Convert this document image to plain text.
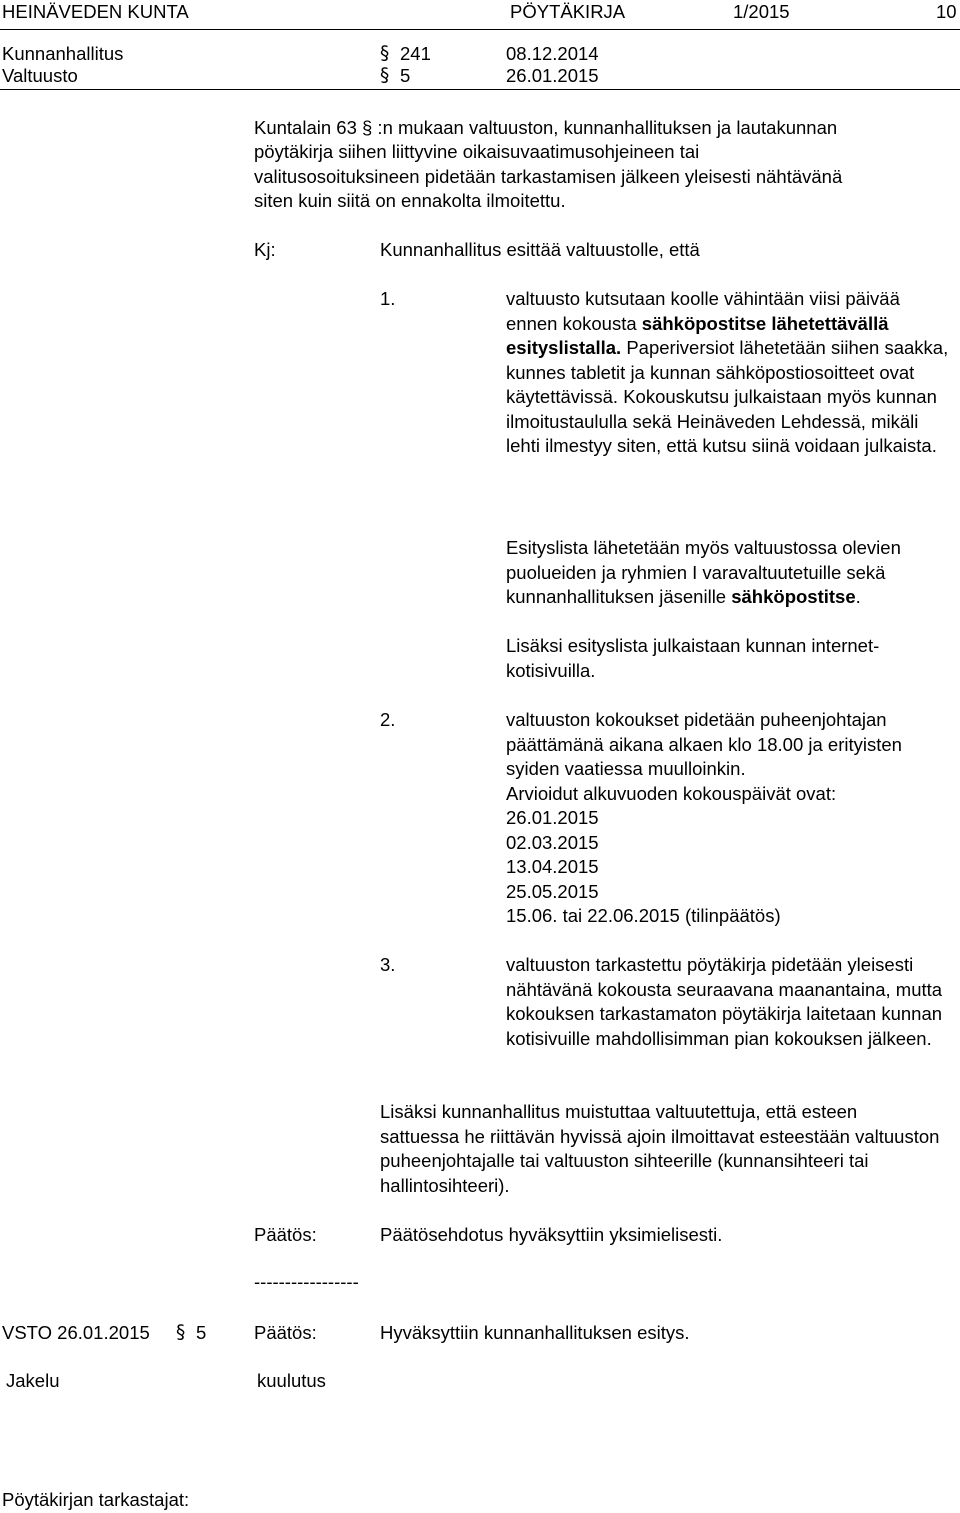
HEINÄVEDEN KUNTA	PÖYTÄKIRJA	1/2015	10
Kunnanhallitus	§ 241	08.12.2014
Valtuusto	§ 5	26.01.2015
Kuntalain 63 § :n mukaan valtuuston, kunnanhallituksen ja lautakunnan
pöytäkirja siihen liittyvine oikaisuvaatimusohjeineen tai
valitusosoituksineen pidetään tarkastamisen jälkeen yleisesti nähtävänä
siten kuin siitä on ennakolta ilmoitettu.
Kj:	Kunnanhallitus esittää valtuustolle, että
1.	valtuusto kutsutaan koolle vähintään viisi päivää ennen kokousta sähköpostitse lähetettävällä esityslistalla. Paperiversiot lähetetään siihen saakka, kunnes tabletit ja kunnan sähköpostiosoitteet ovat käytettävissä. Kokouskutsu julkaistaan myös kunnan ilmoitustaululla sekä Heinäveden Lehdessä, mikäli lehti ilmestyy siten, että kutsu siinä voidaan julkaista.

Esityslista lähetetään myös valtuustossa olevien puolueiden ja ryhmien I varavaltuutetuille sekä kunnanhallituksen jäsenille sähköpostitse.

Lisäksi esityslista julkaistaan kunnan internet-kotisivuilla.

2.	valtuuston kokoukset pidetään puheenjohtajan päättämänä aikana alkaen klo 18.00 ja erityisten syiden vaatiessa muulloinkin.

Arvioidut alkuvuoden kokouspäivät ovat:

26.01.2015
02.03.2015
13.04.2015
25.05.2015
15.06. tai 22.06.2015 (tilinpäätös)
3.	valtuuston tarkastettu pöytäkirja pidetään yleisesti nähtävänä kokousta seuraavana maanantaina, mutta kokouksen tarkastamaton pöytäkirja laitetaan kunnan kotisivuille mahdollisimman pian kokouksen jälkeen.

Lisäksi kunnanhallitus muistuttaa valtuutettuja, että esteen sattuessa he riittävän hyvissä ajoin ilmoittavat esteestään valtuuston puheenjohtajalle tai valtuuston sihteerille (kunnansihteeri tai hallintosihteeri).
Päätös:	Päätösehdotus hyväksyttiin yksimielisesti.
-----------------
VSTO 26.01.2015 § 5	Päätös:	Hyväksyttiin kunnanhallituksen esitys.
Jakelu	kuulutus
Pöytäkirjan tarkastajat:
